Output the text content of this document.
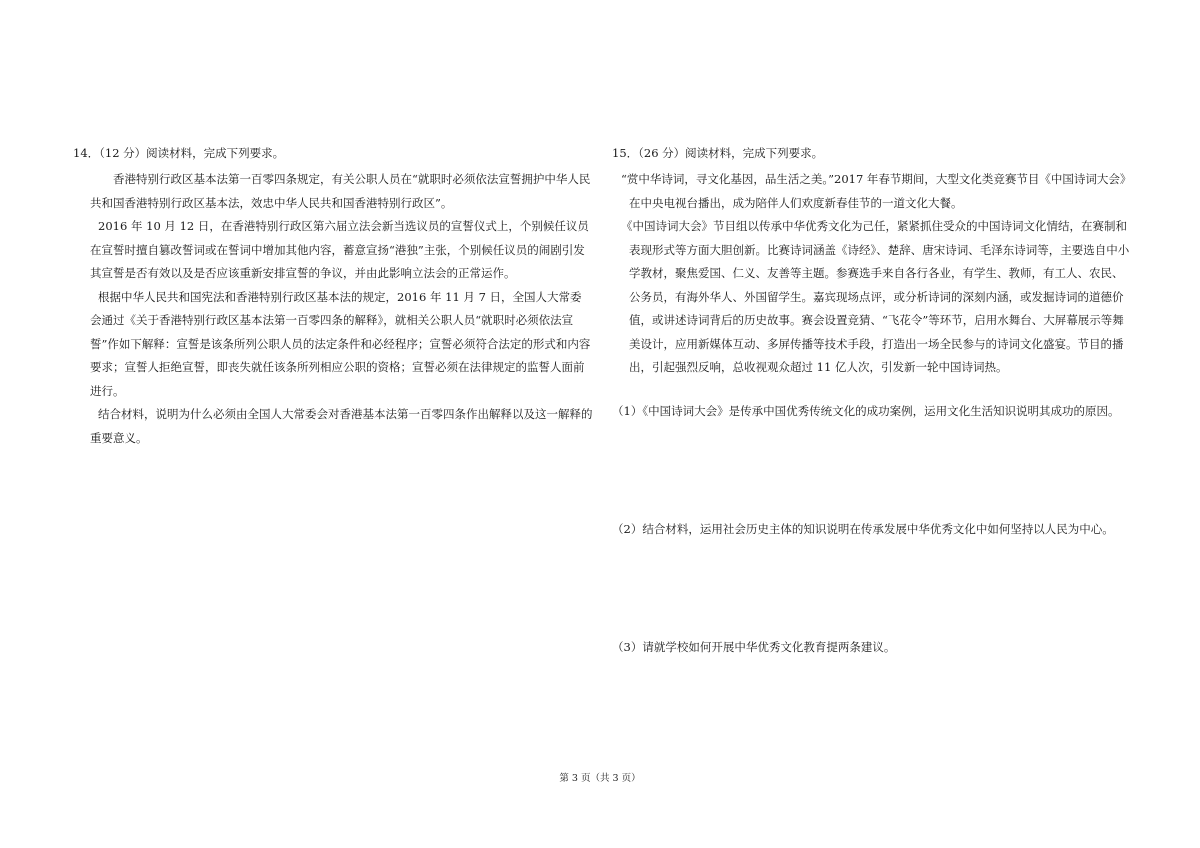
14．（12 分）阅读材料，完成下列要求。

香港特别行政区基本法第一百零四条规定，有关公职人员在“就职时必须依法宣誓拥护中华人民共和国香港特别行政区基本法，效忠中华人民共和国香港特别行政区”。

2016 年 10 月 12 日，在香港特别行政区第六届立法会新当选议员的宣誓仪式上，个别候任议员在宣誓时擅自篡改誓词或在誓词中增加其他内容，蓄意宣扬“港独”主张，个别候任议员的闹剧引发其宣誓是否有效以及是否应该重新安排宣誓的争议，并由此影响立法会的正常运作。

根据中华人民共和国宪法和香港特别行政区基本法的规定，2016 年 11 月 7 日，全国人大常委会通过《关于香港特别行政区基本法第一百零四条的解释》，就相关公职人员“就职时必须依法宣誓”作如下解释：宣誓是该条所列公职人员的法定条件和必经程序；宣誓必须符合法定的形式和内容要求；宣誓人拒绝宣誓，即丧失就任该条所列相应公职的资格；宣誓必须在法律规定的监誓人面前进行。

结合材料，说明为什么必须由全国人大常委会对香港基本法第一百零四条作出解释以及这一解释的重要意义。

15．（26 分）阅读材料，完成下列要求。

“赏中华诗词，寻文化基因，品生活之美。”2017 年春节期间，大型文化类竞赛节目《中国诗词大会》在中央电视台播出，成为陪伴人们欢度新春佳节的一道文化大餐。

《中国诗词大会》节目组以传承中华优秀文化为己任，紧紧抓住受众的中国诗词文化情结，在赛制和表现形式等方面大胆创新。比赛诗词涵盖《诗经》、楚辞、唐宋诗词、毛泽东诗词等，主要选自中小学教材，聚焦爱国、仁义、友善等主题。参赛选手来自各行各业，有学生、教师，有工人、农民、公务员，有海外华人、外国留学生。嘉宾现场点评，或分析诗词的深刻内涵，或发掘诗词的道德价值，或讲述诗词背后的历史故事。赛会设置竞猜、“飞花令”等环节，启用水舞台、大屏幕展示等舞美设计，应用新媒体互动、多屏传播等技术手段，打造出一场全民参与的诗词文化盛宴。节目的播出，引起强烈反响，总收视观众超过 11 亿人次，引发新一轮中国诗词热。

（1）《中国诗词大会》是传承中国优秀传统文化的成功案例，运用文化生活知识说明其成功的原因。
（2）结合材料，运用社会历史主体的知识说明在传承发展中华优秀文化中如何坚持以人民为中心。
（3）请就学校如何开展中华优秀文化教育提两条建议。
第 3 页（共 3 页）
